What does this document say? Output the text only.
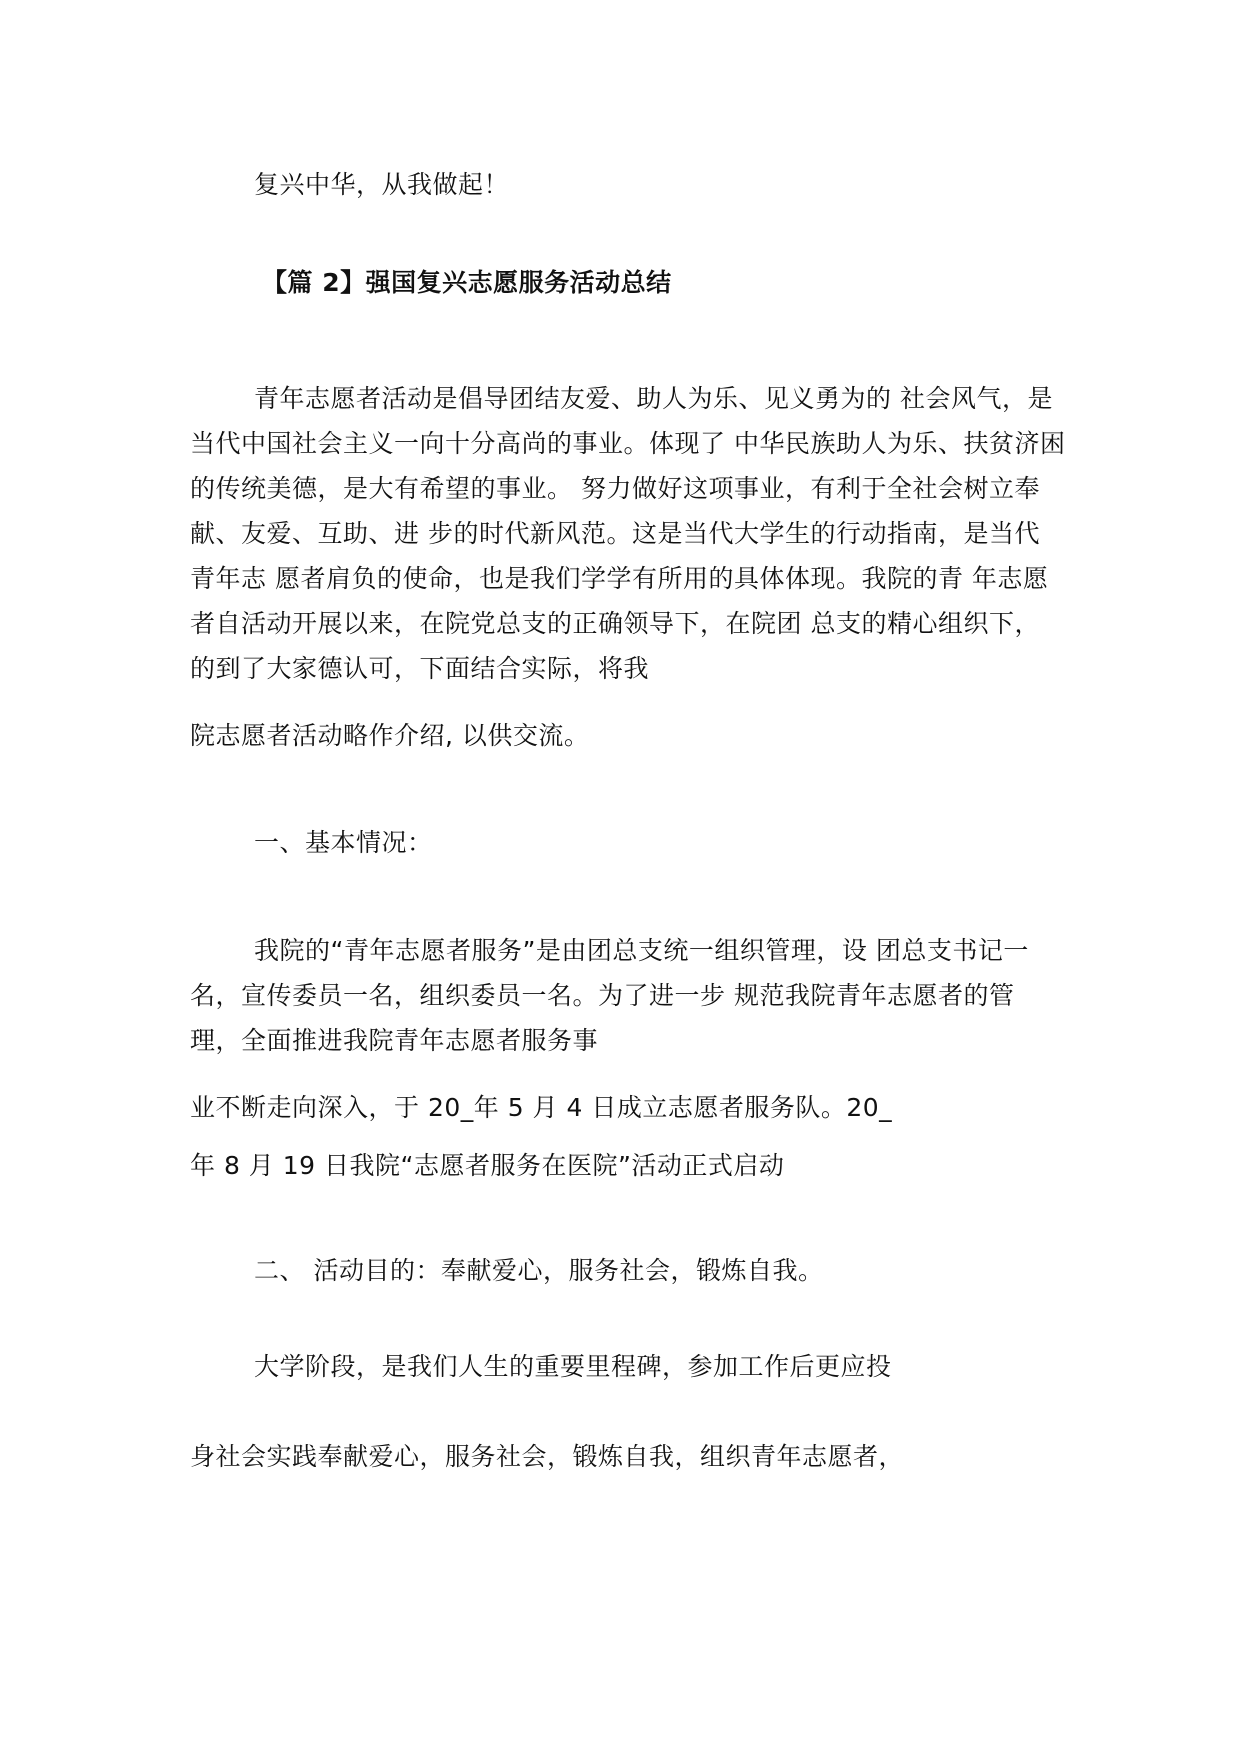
复兴中华，从我做起！
【篇 2】强国复兴志愿服务活动总结
青年志愿者活动是倡导团结友爱、助人为乐、见义勇为的 社会风气，是
当代中国社会主义一向十分高尚的事业。体现了 中华民族助人为乐、扶贫济困
的传统美德，是大有希望的事业。 努力做好这项事业，有利于全社会树立奉
献、友爱、互助、进 步的时代新风范。这是当代大学生的行动指南，是当代
青年志 愿者肩负的使命，也是我们学学有所用的具体体现。我院的青 年志愿
者自活动开展以来，在院党总支的正确领导下，在院团 总支的精心组织下，
的到了大家德认可，下面结合实际，将我
院志愿者活动略作介绍, 以供交流。
一、基本情况：
我院的“青年志愿者服务”是由团总支统一组织管理，设 团总支书记一
名，宣传委员一名，组织委员一名。为了进一步 规范我院青年志愿者的管
理，全面推进我院青年志愿者服务事
业不断走向深入，于 20_年 5 月 4 日成立志愿者服务队。20_
年 8 月 19 日我院“志愿者服务在医院”活动正式启动
二、 活动目的：奉献爱心，服务社会，锻炼自我。
大学阶段，是我们人生的重要里程碑，参加工作后更应投
身社会实践奉献爱心，服务社会，锻炼自我，组织青年志愿者，
